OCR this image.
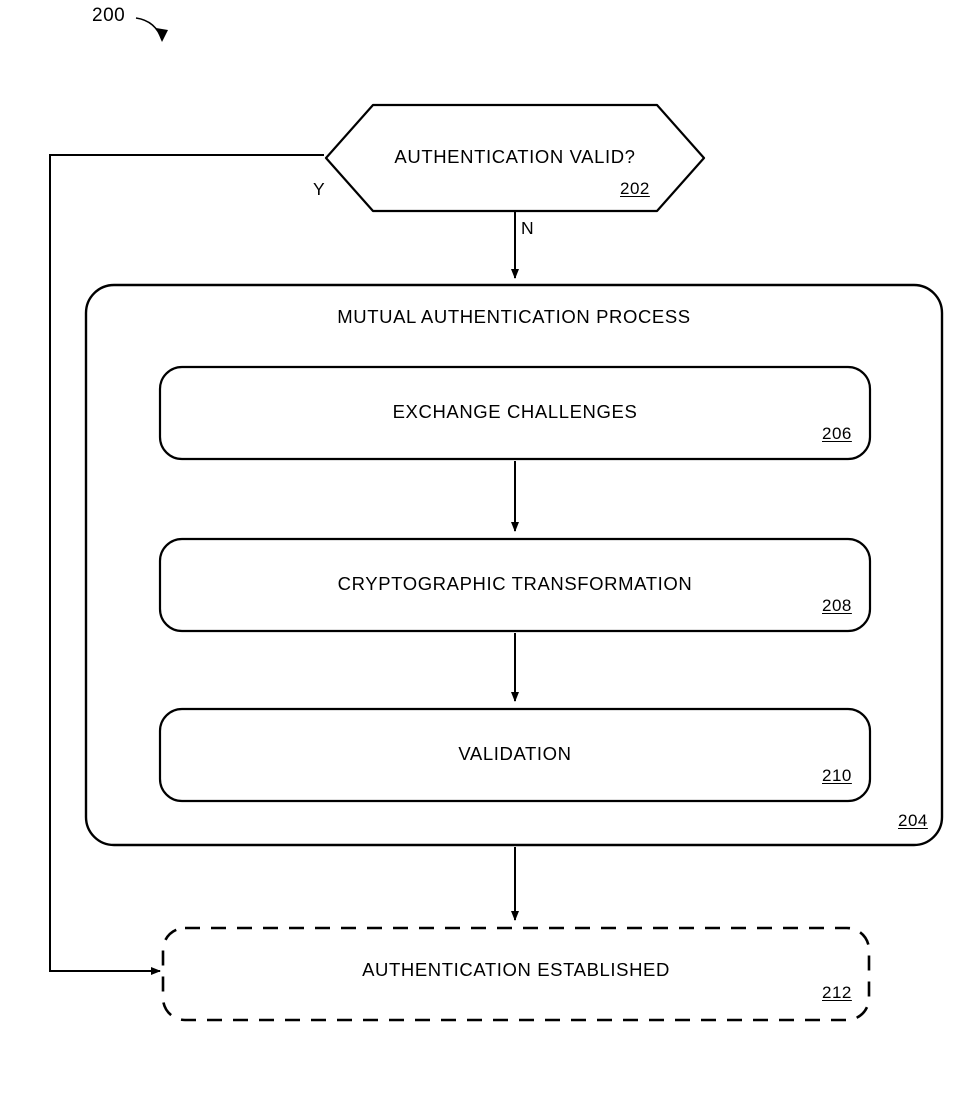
200
AUTHENTICATION VALID?
202
Y
N
MUTUAL AUTHENTICATION PROCESS
204
EXCHANGE CHALLENGES
206
CRYPTOGRAPHIC TRANSFORMATION
208
VALIDATION
210
AUTHENTICATION ESTABLISHED
212
